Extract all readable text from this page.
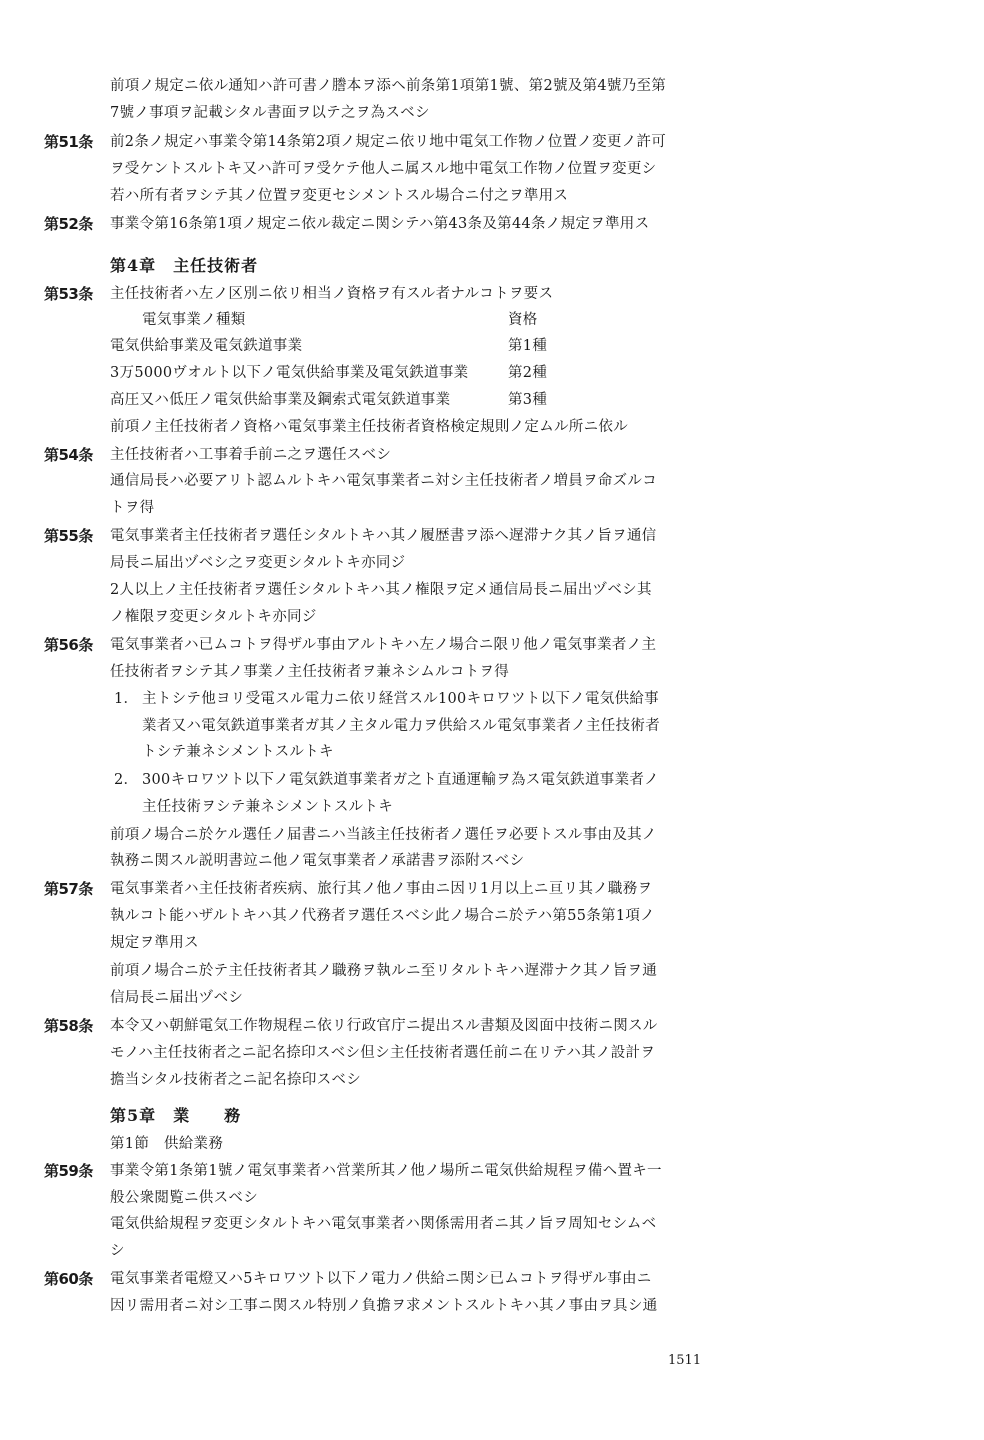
前項ノ規定ニ依ル通知ハ許可書ノ謄本ヲ添ヘ前条第1項第1號、第2號及第4號乃至第
7號ノ事項ヲ記載シタル書面ヲ以テ之ヲ為スベシ
第51条 前2条ノ規定ハ事業令第14条第2項ノ規定ニ依リ地中電気工作物ノ位置ノ変更ノ許可
ヲ受ケントスルトキ又ハ許可ヲ受ケテ他人ニ属スル地中電気工作物ノ位置ヲ変更シ
若ハ所有者ヲシテ其ノ位置ヲ変更セシメントスル場合ニ付之ヲ準用ス
第52条 事業令第16条第1項ノ規定ニ依ル裁定ニ関シテハ第43条及第44条ノ規定ヲ準用ス
第4章　主任技術者
第53条 主任技術者ハ左ノ区別ニ依リ相当ノ資格ヲ有スル者ナルコトヲ要ス
電気事業ノ種類	資格
電気供給事業及電気鉄道事業	第1種
3万5000ヴオルト以下ノ電気供給事業及電気鉄道事業	第2種
高圧又ハ低圧ノ電気供給事業及鋼索式電気鉄道事業	第3種
前項ノ主任技術者ノ資格ハ電気事業主任技術者資格検定規則ノ定ムル所ニ依ル
第54条 主任技術者ハ工事着手前ニ之ヲ選任スベシ
通信局長ハ必要アリト認ムルトキハ電気事業者ニ対シ主任技術者ノ増員ヲ命ズルコ
トヲ得
第55条 電気事業者主任技術者ヲ選任シタルトキハ其ノ履歴書ヲ添ヘ遅滞ナク其ノ旨ヲ通信
局長ニ届出ヅベシ之ヲ変更シタルトキ亦同ジ
2人以上ノ主任技術者ヲ選任シタルトキハ其ノ権限ヲ定メ通信局長ニ届出ヅベシ其
ノ権限ヲ変更シタルトキ亦同ジ
第56条 電気事業者ハ已ムコトヲ得ザル事由アルトキハ左ノ場合ニ限リ他ノ電気事業者ノ主
任技術者ヲシテ其ノ事業ノ主任技術者ヲ兼ネシムルコトヲ得
1． 主トシテ他ヨリ受電スル電力ニ依リ経営スル100キロワツト以下ノ電気供給事
業者又ハ電気鉄道事業者ガ其ノ主タル電力ヲ供給スル電気事業者ノ主任技術者
トシテ兼ネシメントスルトキ
2． 300キロワツト以下ノ電気鉄道事業者ガ之ト直通運輸ヲ為ス電気鉄道事業者ノ
主任技術ヲシテ兼ネシメントスルトキ
前項ノ場合ニ於ケル選任ノ届書ニハ当該主任技術者ノ選任ヲ必要トスル事由及其ノ
執務ニ関スル説明書竝ニ他ノ電気事業者ノ承諾書ヲ添附スベシ
第57条 電気事業者ハ主任技術者疾病、旅行其ノ他ノ事由ニ因リ1月以上ニ亘リ其ノ職務ヲ
執ルコト能ハザルトキハ其ノ代務者ヲ選任スベシ此ノ場合ニ於テハ第55条第1項ノ
規定ヲ準用ス
前項ノ場合ニ於テ主任技術者其ノ職務ヲ執ルニ至リタルトキハ遅滞ナク其ノ旨ヲ通
信局長ニ届出ヅベシ
第58条 本令又ハ朝鮮電気工作物規程ニ依リ行政官庁ニ提出スル書類及図面中技術ニ関スル
モノハ主任技術者之ニ記名捺印スベシ但シ主任技術者選任前ニ在リテハ其ノ設計ヲ
擔当シタル技術者之ニ記名捺印スベシ
第5章　業　　務
第1節　供給業務
第59条 事業令第1条第1號ノ電気事業者ハ営業所其ノ他ノ場所ニ電気供給規程ヲ備ヘ置キ一
般公衆閲覧ニ供スベシ
電気供給規程ヲ変更シタルトキハ電気事業者ハ関係需用者ニ其ノ旨ヲ周知セシムベ
シ
第60条 電気事業者電燈又ハ5キロワツト以下ノ電力ノ供給ニ関シ已ムコトヲ得ザル事由ニ
因リ需用者ニ対シ工事ニ関スル特別ノ負擔ヲ求メントスルトキハ其ノ事由ヲ具シ通
1511
